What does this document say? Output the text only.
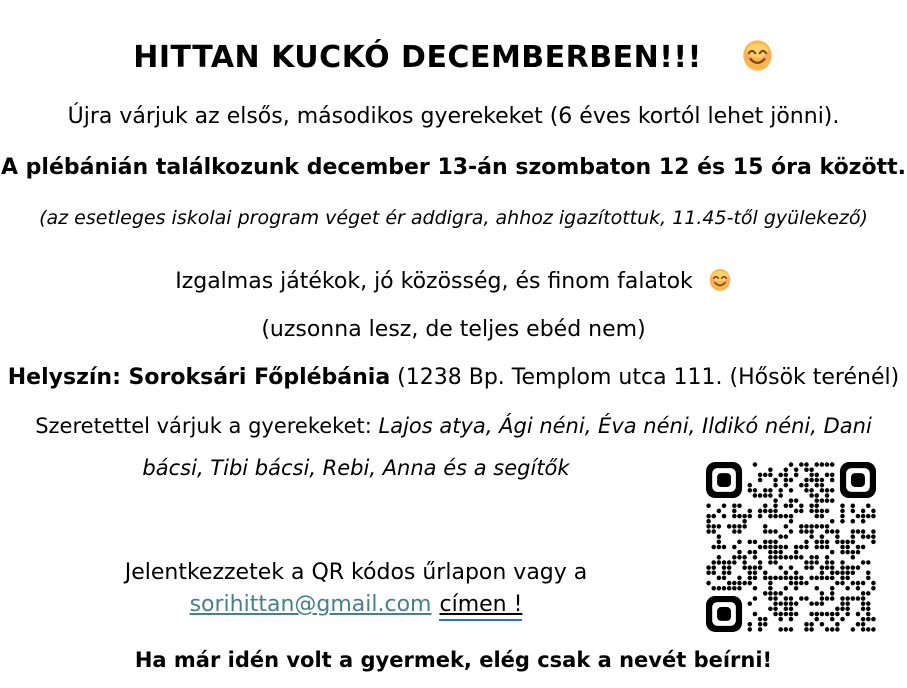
HITTAN KUCKÓ DECEMBERBEN!!!
Újra várjuk az elsős, másodikos gyerekeket (6 éves kortól lehet jönni).
A plébánián találkozunk december 13-án szombaton 12 és 15 óra között.
(az esetleges iskolai program véget ér addigra, ahhoz igazítottuk, 11.45-től gyülekező)
Izgalmas játékok, jó közösség, és finom falatok
(uzsonna lesz, de teljes ebéd nem)
Helyszín: Soroksári Főplébánia (1238 Bp. Templom utca 111. (Hősök terénél)
Szeretettel várjuk a gyerekeket: Lajos atya, Ági néni, Éva néni, Ildikó néni, Dani
bácsi, Tibi bácsi, Rebi, Anna és a segítők
Jelentkezzetek a QR kódos űrlapon vagy a
sorihittan@gmail.com címen !
Ha már idén volt a gyermek, elég csak a nevét beírni!
